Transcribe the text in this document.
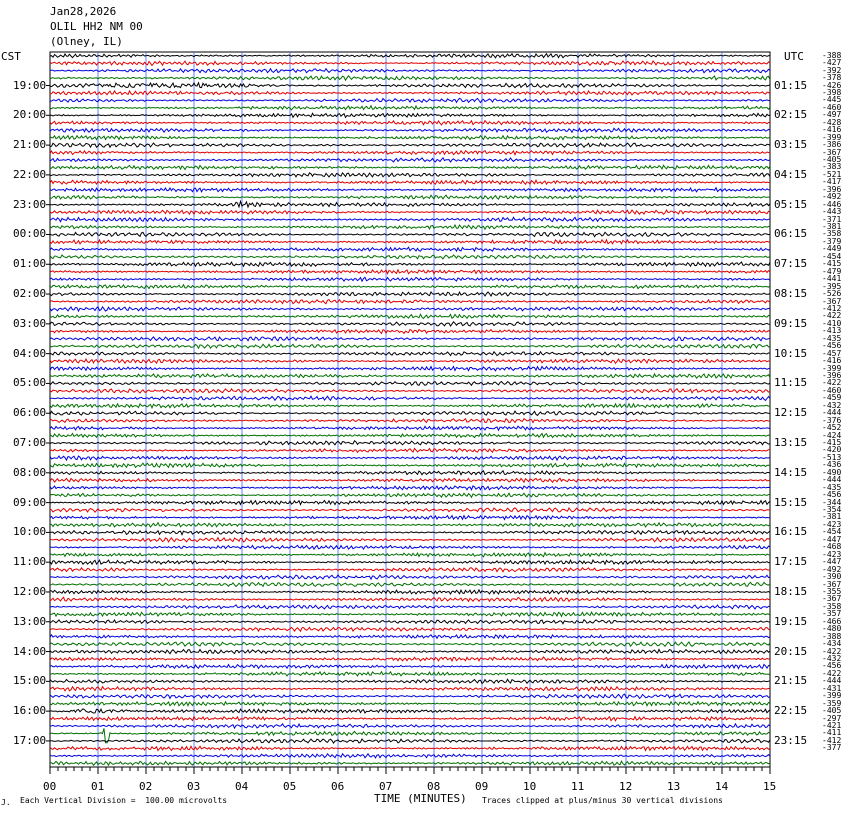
Jan28,2026
OLIL HH2 NM 00
(Olney, IL)
CST	UTC
00	01	02	03	04	05	06	07	08	09	10	11	12	13	14	15
19:00	01:15
20:00	02:15
21:00	03:15
22:00	04:15
23:00	05:15
00:00	06:15
01:00	07:15
02:00	08:15
03:00	09:15
04:00	10:15
05:00	11:15
06:00	12:15
07:00	13:15
08:00	14:15
09:00	15:15
10:00	16:15
11:00	17:15
12:00	18:15
13:00	19:15
14:00	20:15
15:00	21:15
16:00	22:15
17:00	23:15
-388
-427
-392
-378
-426
-398
-445
-460
-497
-428
-416
-399
-386
-367
-405
-383
-521
-417
-396
-492
-446
-443
-371
-381
-358
-379
-449
-454
-415
-479
-441
-395
-526
-367
-412
-422
-410
-413
-435
-456
-457
-416
-399
-396
-422
-460
-459
-432
-444
-376
-452
-424
-415
-420
-513
-436
-490
-444
-435
-456
-344
-354
-381
-423
-454
-447
-468
-423
-447
-492
-390
-367
-355
-367
-358
-357
-466
-480
-388
-434
-422
-432
-456
-422
-444
-431
-399
-359
-405
-297
-421
-411
-412
-377
J. Each Vertical Division =  100.00 microvolts	TIME (MINUTES) Traces clipped at plus/minus 30 vertical divisions
